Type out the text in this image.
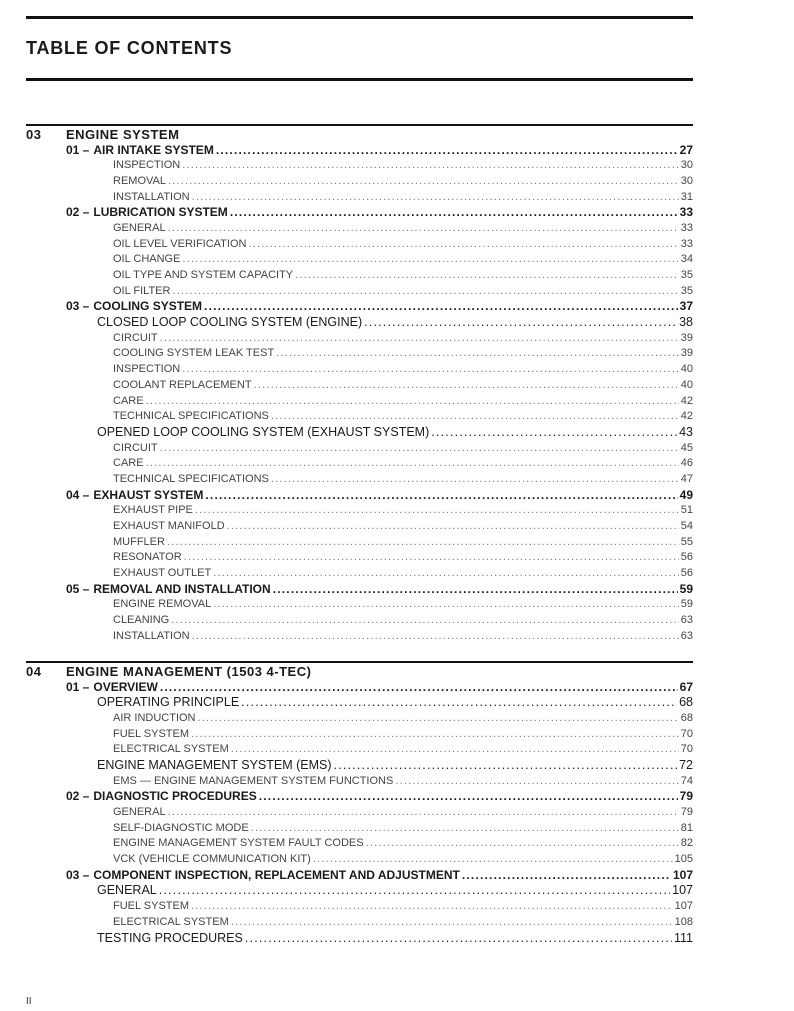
TABLE OF CONTENTS
03 ENGINE SYSTEM
01 – AIR INTAKE SYSTEM .....	27
INSPECTION .....	30
REMOVAL .....	30
INSTALLATION .....	31
02 – LUBRICATION SYSTEM .....	33
GENERAL .....	33
OIL LEVEL VERIFICATION .....	33
OIL CHANGE .....	34
OIL TYPE AND SYSTEM CAPACITY .....	35
OIL FILTER .....	35
03 – COOLING SYSTEM .....	37
CLOSED LOOP COOLING SYSTEM (ENGINE) .....	38
CIRCUIT .....	39
COOLING SYSTEM LEAK TEST .....	39
INSPECTION .....	40
COOLANT REPLACEMENT .....	40
CARE .....	42
TECHNICAL SPECIFICATIONS .....	42
OPENED LOOP COOLING SYSTEM (EXHAUST SYSTEM) .....	43
CIRCUIT .....	45
CARE .....	46
TECHNICAL SPECIFICATIONS .....	47
04 – EXHAUST SYSTEM .....	49
EXHAUST PIPE .....	51
EXHAUST MANIFOLD .....	54
MUFFLER .....	55
RESONATOR .....	56
EXHAUST OUTLET .....	56
05 – REMOVAL AND INSTALLATION .....	59
ENGINE REMOVAL .....	59
CLEANING .....	63
INSTALLATION .....	63
04 ENGINE MANAGEMENT (1503 4-TEC)
01 – OVERVIEW .....	67
OPERATING PRINCIPLE .....	68
AIR INDUCTION .....	68
FUEL SYSTEM .....	70
ELECTRICAL SYSTEM .....	70
ENGINE MANAGEMENT SYSTEM (EMS) .....	72
EMS — ENGINE MANAGEMENT SYSTEM FUNCTIONS .....	74
02 – DIAGNOSTIC PROCEDURES .....	79
GENERAL .....	79
SELF-DIAGNOSTIC MODE .....	81
ENGINE MANAGEMENT SYSTEM FAULT CODES .....	82
VCK (VEHICLE COMMUNICATION KIT) .....	105
03 – COMPONENT INSPECTION, REPLACEMENT AND ADJUSTMENT .....	107
GENERAL .....	107
FUEL SYSTEM .....	107
ELECTRICAL SYSTEM .....	108
TESTING PROCEDURES .....	111
II
